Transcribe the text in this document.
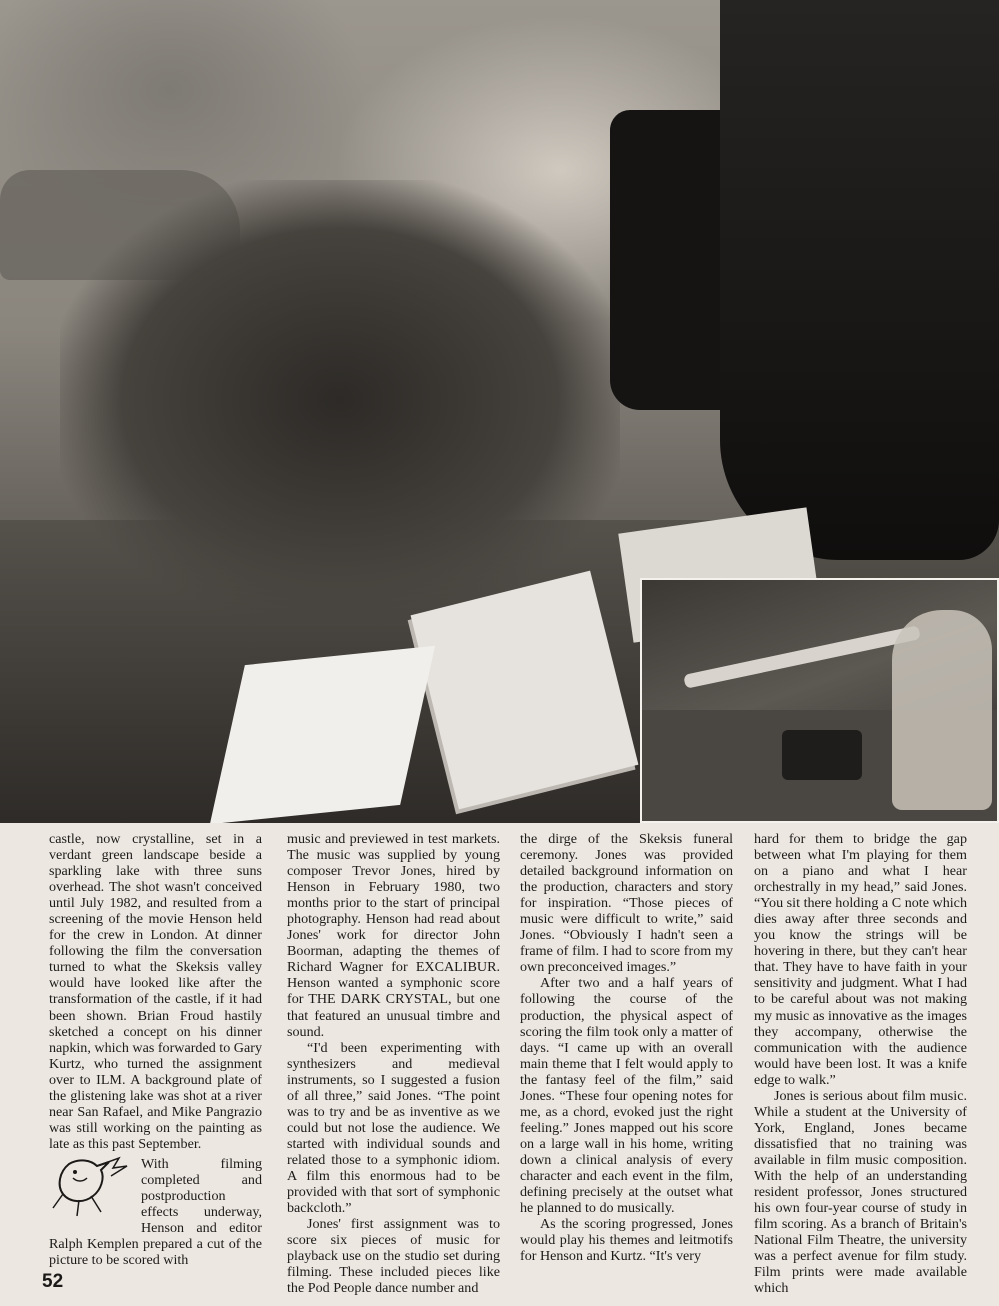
castle, now crystalline, set in a verdant green landscape beside a sparkling lake with three suns overhead. The shot wasn't conceived until July 1982, and resulted from a screening of the movie Henson held for the crew in London. At dinner following the film the conversation turned to what the Skeksis valley would have looked like after the transformation of the castle, if it had been shown. Brian Froud hastily sketched a concept on his dinner napkin, which was forwarded to Gary Kurtz, who turned the assignment over to ILM. A background plate of the glistening lake was shot at a river near San Rafael, and Mike Pangrazio was still working on the painting as late as this past September.

With filming completed and postproduction effects underway, Henson and editor Ralph Kemplen prepared a cut of the picture to be scored with

music and previewed in test markets. The music was supplied by young composer Trevor Jones, hired by Henson in February 1980, two months prior to the start of principal photography. Henson had read about Jones' work for director John Boorman, adapting the themes of Richard Wagner for EXCALIBUR. Henson wanted a symphonic score for THE DARK CRYSTAL, but one that featured an unusual timbre and sound.

“I'd been experimenting with synthesizers and medieval instruments, so I suggested a fusion of all three,” said Jones. “The point was to try and be as inventive as we could but not lose the audience. We started with individual sounds and related those to a symphonic idiom. A film this enormous had to be provided with that sort of symphonic backcloth.”

Jones' first assignment was to score six pieces of music for playback use on the studio set during filming. These included pieces like the Pod People dance number and

the dirge of the Skeksis funeral ceremony. Jones was provided detailed background information on the production, characters and story for inspiration. “Those pieces of music were difficult to write,” said Jones. “Obviously I hadn't seen a frame of film. I had to score from my own preconceived images.”

After two and a half years of following the course of the production, the physical aspect of scoring the film took only a matter of days. “I came up with an overall main theme that I felt would apply to the fantasy feel of the film,” said Jones. “These four opening notes for me, as a chord, evoked just the right feeling.” Jones mapped out his score on a large wall in his home, writing down a clinical analysis of every character and each event in the film, defining precisely at the outset what he planned to do musically.

As the scoring progressed, Jones would play his themes and leitmotifs for Henson and Kurtz. “It's very

hard for them to bridge the gap between what I'm playing for them on a piano and what I hear orchestrally in my head,” said Jones. “You sit there holding a C note which dies away after three seconds and you know the strings will be hovering in there, but they can't hear that. They have to have faith in your sensitivity and judgment. What I had to be careful about was not making my music as innovative as the images they accompany, otherwise the communication with the audience would have been lost. It was a knife edge to walk.”

Jones is serious about film music. While a student at the University of York, England, Jones became dissatisfied that no training was available in film music composition. With the help of an understanding resident professor, Jones structured his own four-year course of study in film scoring. As a branch of Britain's National Film Theatre, the university was a perfect avenue for film study. Film prints were made available which

52
